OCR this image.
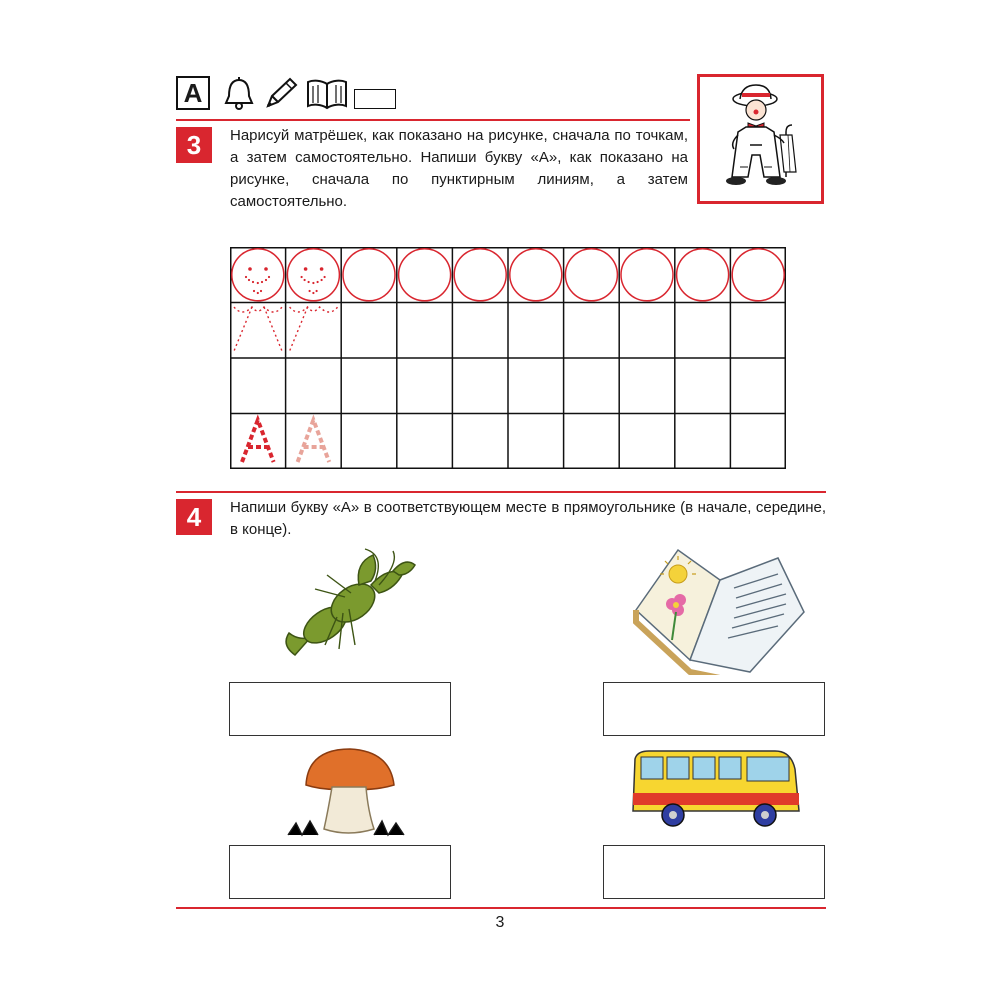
А
3	Нарисуй матрёшек, как показано на рисунке, сначала по точкам, а затем самостоятельно. Напиши букву «А», как показано на рисунке, сначала по пунктирным линиям, а затем самостоятельно.
4	Напиши букву «А» в соответствующем месте в прямоугольнике (в начале, середине, в конце).
3
